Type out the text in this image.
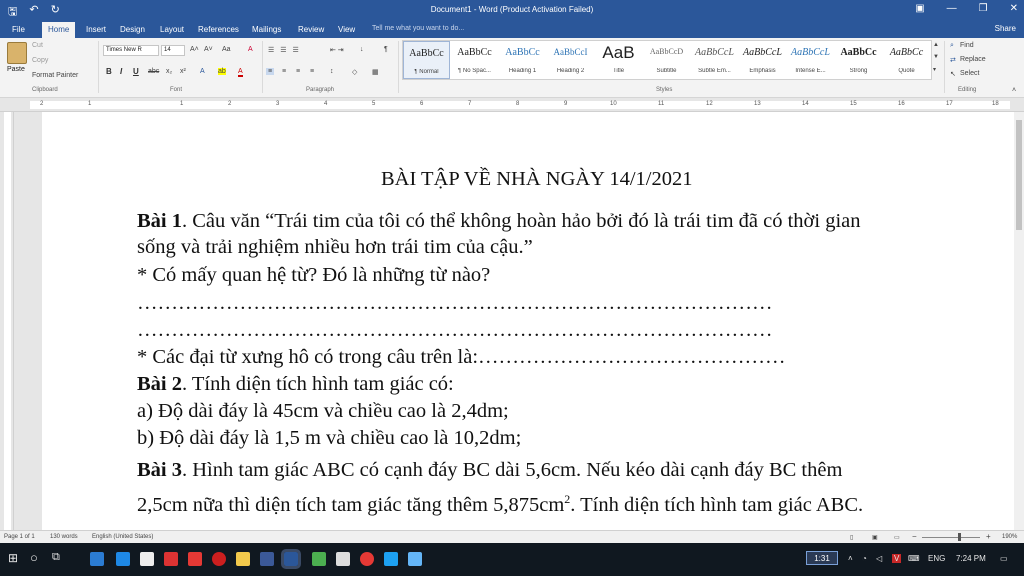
🖫 ↶ ↻	Document1 - Word (Product Activation Failed)	▣ — ❐ ✕
File	Home	Insert Design Layout References Mailings Review View Tell me what you want to do...	Share
Paste
Cut
Copy
Format Painter
Clipboard
Times New R	14	A˄ A˅ Aa A
B I U abc x₂ x² A ab A
Font
☰ ☰ ☰	⇤ ⇥ ↓	¶
≡ ≡ ≡ ≡ ↕	◇ ▦
Paragraph
AaBbCc
¶ Normal
AaBbCc
¶ No Spac...
AaBbCc
Heading 1
AaBbCcI
Heading 2
AaB
Title
AaBbCcD
Subtitle
AaBbCcL
Subtle Em...
AaBbCcL
Emphasis
AaBbCcL
Intense E...
AaBbCc
Strong
AaBbCc
Quote
▲
▼
▾
Styles
⌕ Find
⇄ Replace
↖ Select
Editing	˄
2	1	1	2	3	4	5	6	7	8	9	10	11	12	13	14	15	16	17	18
BÀI TẬP VỀ NHÀ NGÀY 14/1/2021
Bài 1. Câu văn “Trái tim của tôi có thể không hoàn hảo bởi đó là trái tim đã có thời gian
sống và trải nghiệm nhiều hơn trái tim của cậu.”
* Có mấy quan hệ từ? Đó là những từ nào?
…………………………………………………………………………………
…………………………………………………………………………………
* Các đại từ xưng hô có trong câu trên là:………………………………………
Bài 2. Tính diện tích hình tam giác có:
a) Độ dài đáy là 45cm và chiều cao là 2,4dm;
b) Độ dài đáy là 1,5 m và chiều cao là 10,2dm;
Bài 3. Hình tam giác ABC có cạnh đáy BC dài 5,6cm. Nếu kéo dài cạnh đáy BC thêm
2,5cm nữa thì diện tích tam giác tăng thêm $5,875cm^2$. Tính diện tích hình tam giác ABC.
Page 1 of 1	130 words English (United States)	▯	▣	▭ −	+ 190%
⊞ ○ ⧉	1:31	˄ ◔ ◁ V ⌨ ENG 7:24 PM ▭
